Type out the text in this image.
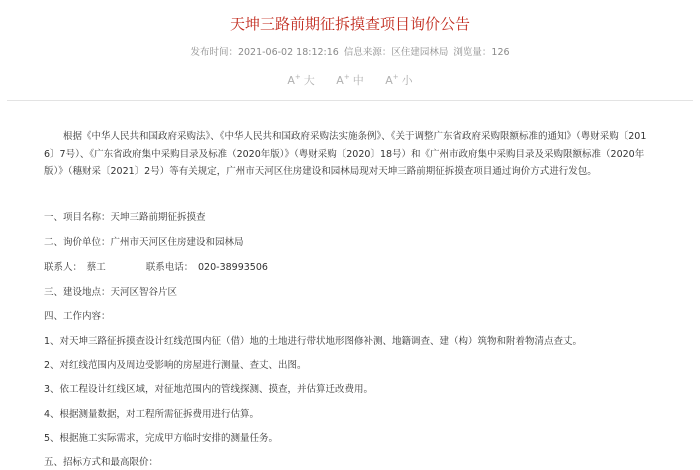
天坤三路前期征拆摸查项目询价公告
发布时间：2021-06-02 18:12:16 信息来源：区住建园林局 浏览量：126
A+ 大 A+ 中 A+ 小

根据《中华人民共和国政府采购法》、《中华人民共和国政府采购法实施条例》、《关于调整广东省政府采购限额标准的通知》（粤财采购〔2016〕7号）、《广东省政府集中采购目录及标准（2020年版）》（粤财采购〔2020〕18号）和《广州市政府集中采购目录及采购限额标准（2020年版）》（穗财采〔2021〕2号）等有关规定，广州市天河区住房建设和园林局现对天坤三路前期征拆摸查项目通过询价方式进行发包。

一、项目名称：天坤三路前期征拆摸查
二、询价单位：广州市天河区住房建设和园林局
联系人：　蔡工	联系电话：　020-38993506
三、建设地点：天河区智谷片区
四、工作内容：
1、对天坤三路征拆摸查设计红线范围内征（借）地的土地进行带状地形图修补测、地籍调查、建（构）筑物和附着物清点查丈。
2、对红线范围内及周边受影响的房屋进行测量、查丈、出图。
3、依工程设计红线区域，对征地范围内的管线探测、摸查，并估算迁改费用。
4、根据测量数据，对工程所需征拆费用进行估算。
5、根据施工实际需求，完成甲方临时安排的测量任务。
五、招标方式和最高限价：
